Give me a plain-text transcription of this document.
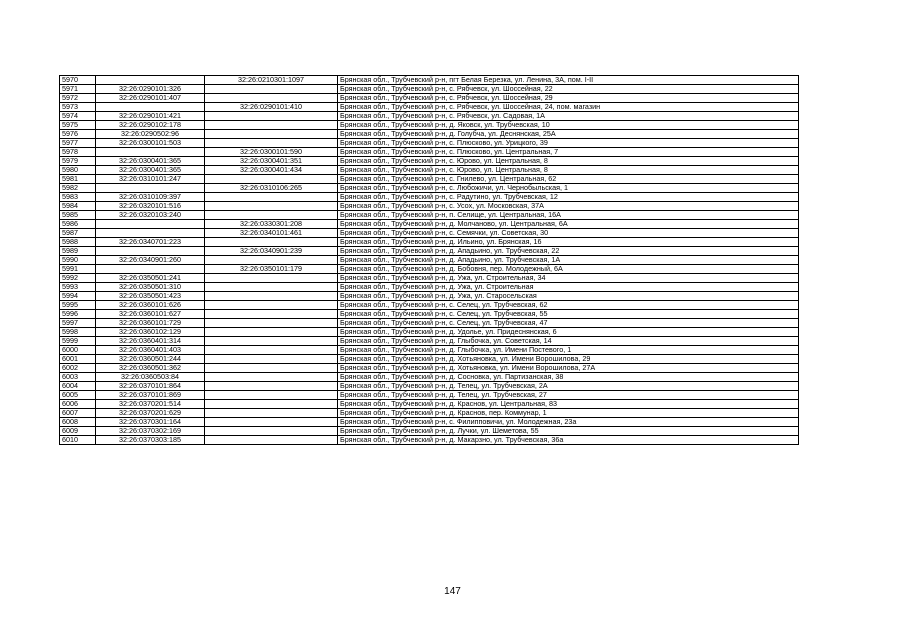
5970		32:26:0210301:1097	Брянская обл., Трубчевский р-н, пгт Белая Березка, ул. Ленина, 3А, пом. I-II
5971	32:26:0290101:326		Брянская обл., Трубчевский р-н, с. Рябчевск, ул. Шоссейная, 22
5972	32:26:0290101:407		Брянская обл., Трубчевский р-н, с. Рябчевск, ул. Шоссейная, 29
5973		32:26:0290101:410	Брянская обл., Трубчевский р-н, с. Рябчевск, ул. Шоссейная, 24, пом. магазин
5974	32:26:0290101:421		Брянская обл., Трубчевский р-н, с. Рябчевск, ул. Садовая, 1А
5975	32:26:0290102:178		Брянская обл., Трубчевский р-н, д. Яковск, ул. Трубчевская, 10
5976	32:26:0290502:96		Брянская обл., Трубчевский р-н, д. Голубча, ул. Деснянская, 25А
5977	32:26:0300101:503		Брянская обл., Трубчевский р-н, с. Плюсково, ул. Урицкого, 39
5978		32:26:0300101:590	Брянская обл., Трубчевский р-н, с. Плюсково, ул. Центральная, 7
5979	32:26:0300401:365	32:26:0300401:351	Брянская обл., Трубчевский р-н, с. Юрово, ул. Центральная, 8
5980	32:26:0300401:365	32:26:0300401:434	Брянская обл., Трубчевский р-н, с. Юрово, ул. Центральная, 8
5981	32:26:0310101:247		Брянская обл., Трубчевский р-н, с. Гнилево, ул. Центральная, 62
5982		32:26:0310106:265	Брянская обл., Трубчевский р-н, с. Любожичи, ул. Чернобыльская, 1
5983	32:26:0310109:397		Брянская обл., Трубчевский р-н, с. Радутино, ул. Трубчевская, 12
5984	32:26:0320101:516		Брянская обл., Трубчевский р-н, с. Усох, ул. Московская, 37А
5985	32:26:0320103:240		Брянская обл., Трубчевский р-н, п. Селище, ул. Центральная, 16А
5986		32:26:0330301:208	Брянская обл., Трубчевский р-н, д. Молчаново, ул. Центральная, 6А
5987		32:26:0340101:461	Брянская обл., Трубчевский р-н, с. Семячки, ул. Советская, 30
5988	32:26:0340701:223		Брянская обл., Трубчевский р-н, д. Ильино, ул. Брянская, 16
5989		32:26:0340901:239	Брянская обл., Трубчевский р-н, д. Ападьино, ул. Трубчевская, 22
5990	32:26:0340901:260		Брянская обл., Трубчевский р-н, д. Ападьино, ул. Трубчевская, 1А
5991		32:26:0350101:179	Брянская обл., Трубчевский р-н, д. Бобовня, пер. Молодежный, 6А
5992	32:26:0350501:241		Брянская обл., Трубчевский р-н, д. Ужа, ул. Строительная, 34
5993	32:26:0350501:310		Брянская обл., Трубчевский р-н, д. Ужа, ул. Строительная
5994	32:26:0350501:423		Брянская обл., Трубчевский р-н, д. Ужа, ул. Старосельская
5995	32:26:0360101:626		Брянская обл., Трубчевский р-н, с. Селец, ул. Трубчевская, 62
5996	32:26:0360101:627		Брянская обл., Трубчевский р-н, с. Селец, ул. Трубчевская, 55
5997	32:26:0360101:729		Брянская обл., Трубчевский р-н, с. Селец, ул. Трубчевская, 47
5998	32:26:0360102:129		Брянская обл., Трубчевский р-н, д. Удолье, ул. Придеснянская, 6
5999	32:26:0360401:314		Брянская обл., Трубчевский р-н, д. Глыбочка, ул. Советская, 14
6000	32:26:0360401:403		Брянская обл., Трубчевский р-н, д. Глыбочка, ул. Имени Постевого, 1
6001	32:26:0360501:244		Брянская обл., Трубчевский р-н, д. Хотьяновка, ул. Имени Ворошилова, 29
6002	32:26:0360501:362		Брянская обл., Трубчевский р-н, д. Хотьяновка, ул. Имени Ворошилова, 27А
6003	32:26:0360503:84		Брянская обл., Трубчевский р-н, д. Сосновка, ул. Партизанская, 38
6004	32:26:0370101:864		Брянская обл., Трубчевский р-н, д. Телец, ул. Трубчевская, 2А
6005	32:26:0370101:869		Брянская обл., Трубчевский р-н, д. Телец, ул. Трубчевская, 27
6006	32:26:0370201:514		Брянская обл., Трубчевский р-н, д. Краснов, ул. Центральная, 83
6007	32:26:0370201:629		Брянская обл., Трубчевский р-н, д. Краснов, пер. Коммунар, 1
6008	32:26:0370301:164		Брянская обл., Трубчевский р-н, с. Филипповичи, ул. Молодежная, 23а
6009	32:26:0370302:169		Брянская обл., Трубчевский р-н, д. Лучки, ул. Шеметова, 55
6010	32:26:0370303:185		Брянская обл., Трубчевский р-н, д. Макарзно, ул. Трубчевская, 36а
147
